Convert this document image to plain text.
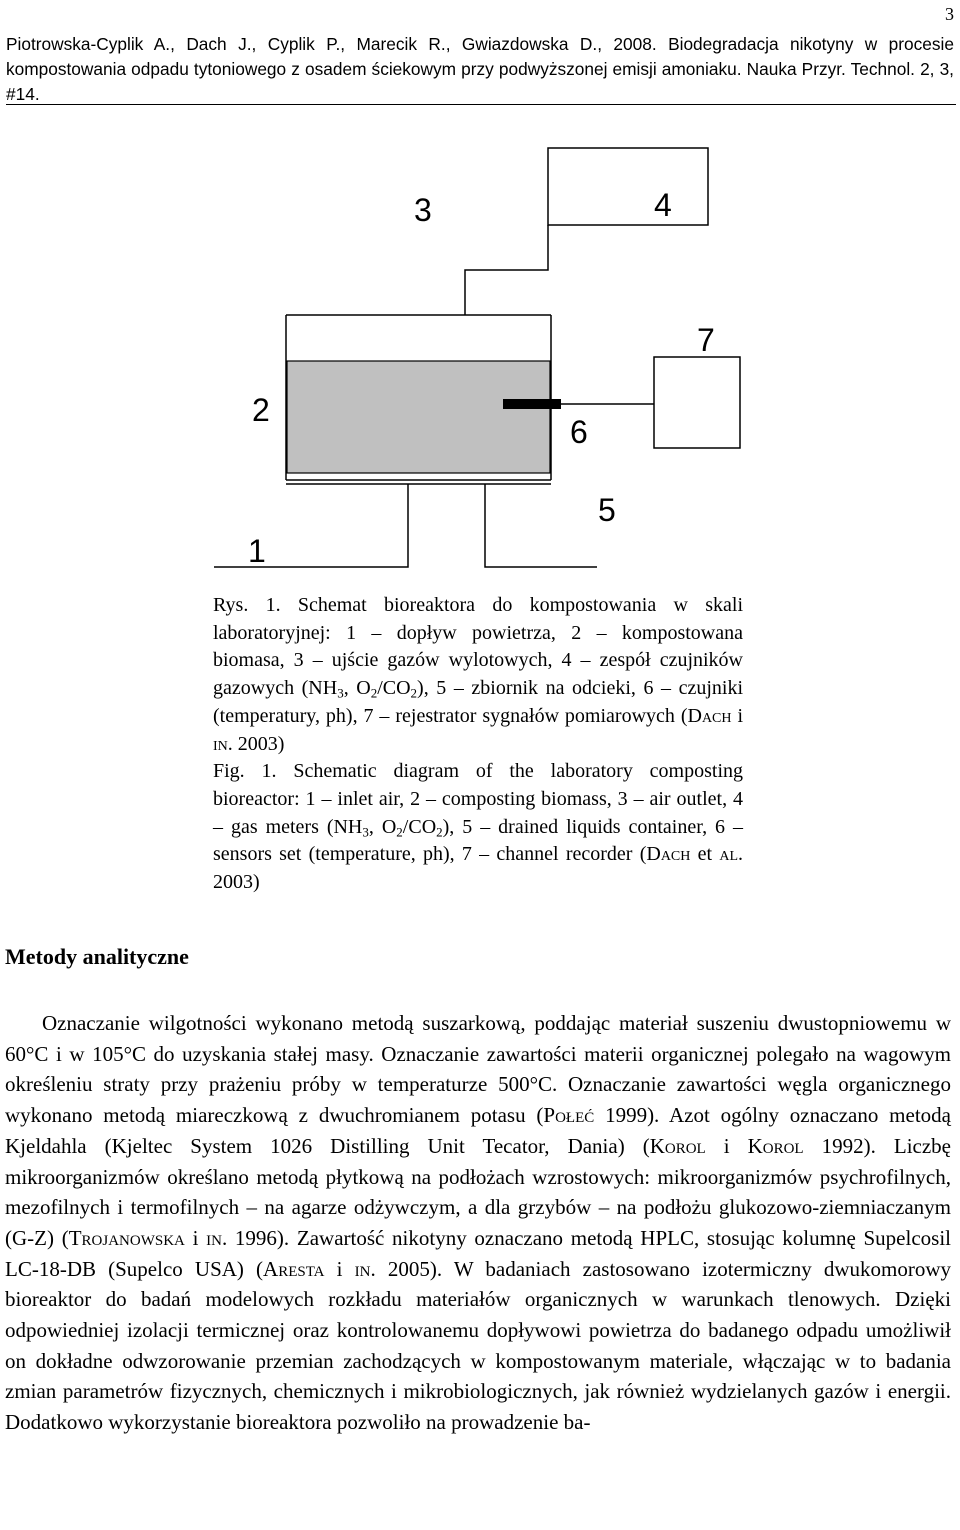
3
Piotrowska-Cyplik A., Dach J., Cyplik P., Marecik R., Gwiazdowska D., 2008. Biodegradacja nikotyny w procesie kompostowania odpadu tytoniowego z osadem ściekowym przy podwyższonej emisji amoniaku. Nauka Przyr. Technol. 2, 3, #14.
1
2
3	4
5
6
7

Rys. 1. Schemat bioreaktora do kompostowania w skali laboratoryjnej: 1 – dopływ powietrza, 2 – kompostowana biomasa, 3 – ujście gazów wylotowych, 4 – zespół czujników gazowych ($NH_3$, $O_2/CO_2$), 5 – zbiornik na odcieki, 6 – czujniki (temperatury, ph), 7 – rejestrator sygnałów pomiarowych (Dach i in. 2003)

Fig. 1. Schematic diagram of the laboratory composting bioreactor: 1 – inlet air, 2 – composting biomass, 3 – air outlet, 4 – gas meters ($NH_3$, $O_2/CO_2$), 5 – drained liquids container, 6 – sensors set (temperature, ph), 7 – channel recorder (Dach et al. 2003)

Metody analityczne

Oznaczanie wilgotności wykonano metodą suszarkową, poddając materiał suszeniu dwustopniowemu w 60°C i w 105°C do uzyskania stałej masy. Oznaczanie zawartości materii organicznej polegało na wagowym określeniu straty przy prażeniu próby w temperaturze 500°C. Oznaczanie zawartości węgla organicznego wykonano metodą miareczkową z dwuchromianem potasu (Połeć 1999). Azot ogólny oznaczano metodą Kjeldahla (Kjeltec System 1026 Distilling Unit Tecator, Dania) (Korol i Korol 1992). Liczbę mikroorganizmów określano metodą płytkową na podłożach wzrostowych: mikroorganizmów psychrofilnych, mezofilnych i termofilnych – na agarze odżywczym, a dla grzybów – na podłożu glukozowo-ziemniaczanym (G-Z) (Trojanowska i in. 1996). Zawartość nikotyny oznaczano metodą HPLC, stosując kolumnę Supelcosil LC-18-DB (Supelco USA) (Aresta i in. 2005). W badaniach zastosowano izotermiczny dwukomorowy bioreaktor do badań modelowych rozkładu materiałów organicznych w warunkach tlenowych. Dzięki odpowiedniej izolacji termicznej oraz kontrolowanemu dopływowi powietrza do badanego odpadu umożliwił on dokładne odwzorowanie przemian zachodzących w kompostowanym materiale, włączając w to badania zmian parametrów fizycznych, chemicznych i mikrobiologicznych, jak również wydzielanych gazów i energii. Dodatkowo wykorzystanie bioreaktora pozwoliło na prowadzenie ba-
